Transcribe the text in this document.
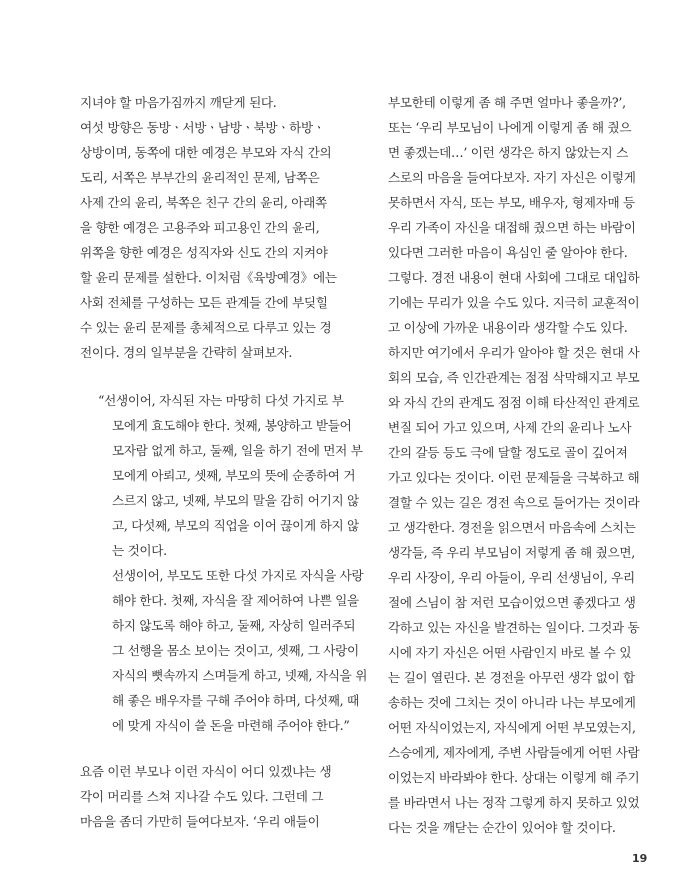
지녀야 할 마음가짐까지 깨닫게 된다.

여섯 방향은 동방ㆍ서방ㆍ남방ㆍ북방ㆍ하방ㆍ

상방이며, 동쪽에 대한 예경은 부모와 자식 간의

도리, 서쪽은 부부간의 윤리적인 문제, 남쪽은

사제 간의 윤리, 북쪽은 친구 간의 윤리, 아래쪽

을 향한 예경은 고용주와 피고용인 간의 윤리,

위쪽을 향한 예경은 성직자와 신도 간의 지켜야

할 윤리 문제를 설한다. 이처럼《육방예경》에는

사회 전체를 구성하는 모든 관계들 간에 부딪힐

수 있는 윤리 문제를 총체적으로 다루고 있는 경

전이다. 경의 일부분을 간략히 살펴보자.

“선생이어, 자식된 자는 마땅히 다섯 가지로 부

모에게 효도해야 한다. 첫째, 봉양하고 받들어

모자람 없게 하고, 둘째, 일을 하기 전에 먼저 부

모에게 아뢰고, 셋째, 부모의 뜻에 순종하여 거

스르지 않고, 넷째, 부모의 말을 감히 어기지 않

고, 다섯째, 부모의 직업을 이어 끊이게 하지 않

는 것이다.

선생이어, 부모도 또한 다섯 가지로 자식을 사랑

해야 한다. 첫째, 자식을 잘 제어하여 나쁜 일을

하지 않도록 해야 하고, 둘째, 자상히 일러주되

그 선행을 몸소 보이는 것이고, 셋째, 그 사랑이

자식의 뼛속까지 스며들게 하고, 넷째, 자식을 위

해 좋은 배우자를 구해 주어야 하며, 다섯째, 때

에 맞게 자식이 쓸 돈을 마련해 주어야 한다.”

요즘 이런 부모나 이런 자식이 어디 있겠냐는 생

각이 머리를 스쳐 지나갈 수도 있다. 그런데 그

마음을 좀더 가만히 들여다보자. ‘우리 애들이

부모한테 이렇게 좀 해 주면 얼마나 좋을까?’,

또는 ‘우리 부모님이 나에게 이렇게 좀 해 줬으

면 좋겠는데…’ 이런 생각은 하지 않았는지 스

스로의 마음을 들여다보자. 자기 자신은 이렇게

못하면서 자식, 또는 부모, 배우자, 형제자매 등

우리 가족이 자신을 대접해 줬으면 하는 바람이

있다면 그러한 마음이 욕심인 줄 알아야 한다.

그렇다. 경전 내용이 현대 사회에 그대로 대입하

기에는 무리가 있을 수도 있다. 지극히 교훈적이

고 이상에 가까운 내용이라 생각할 수도 있다.

하지만 여기에서 우리가 알아야 할 것은 현대 사

회의 모습, 즉 인간관계는 점점 삭막해지고 부모

와 자식 간의 관계도 점점 이해 타산적인 관계로

변질 되어 가고 있으며, 사제 간의 윤리나 노사

간의 갈등 등도 극에 달할 정도로 골이 깊어져

가고 있다는 것이다. 이런 문제들을 극복하고 해

결할 수 있는 길은 경전 속으로 들어가는 것이라

고 생각한다. 경전을 읽으면서 마음속에 스치는

생각들, 즉 우리 부모님이 저렇게 좀 해 줬으면,

우리 사장이, 우리 아들이, 우리 선생님이, 우리

절에 스님이 참 저런 모습이었으면 좋겠다고 생

각하고 있는 자신을 발견하는 일이다. 그것과 동

시에 자기 자신은 어떤 사람인지 바로 볼 수 있

는 길이 열린다. 본 경전을 아무런 생각 없이 합

송하는 것에 그치는 것이 아니라 나는 부모에게

어떤 자식이었는지, 자식에게 어떤 부모였는지,

스승에게, 제자에게, 주변 사람들에게 어떤 사람

이었는지 바라봐야 한다. 상대는 이렇게 해 주기

를 바라면서 나는 정작 그렇게 하지 못하고 있었

다는 것을 깨닫는 순간이 있어야 할 것이다.

19
